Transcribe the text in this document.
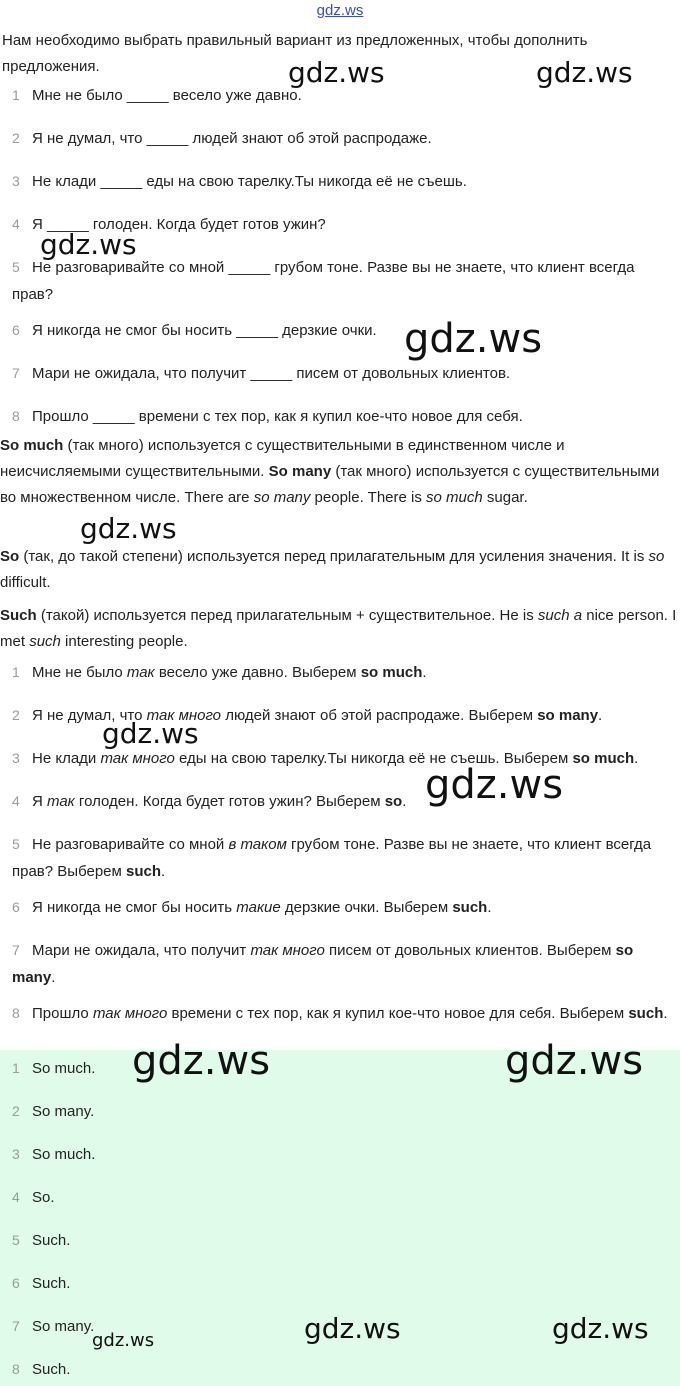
gdz.ws
Нам необходимо выбрать правильный вариант из предложенных, чтобы дополнить предложения.
1 Мне не было _____ весело уже давно.
2 Я не думал, что _____ людей знают об этой распродаже.
3 Не клади _____ еды на свою тарелку.Ты никогда её не съешь.
4 Я _____ голоден. Когда будет готов ужин?
5 Не разговаривайте со мной _____ грубом тоне. Разве вы не знаете, что клиент всегда прав?
6 Я никогда не смог бы носить _____ дерзкие очки.
7 Мари не ожидала, что получит _____ писем от довольных клиентов.
8 Прошло _____ времени с тех пор, как я купил кое-что новое для себя.
So much (так много) используется с существительными в единственном числе и неисчисляемыми существительными. So many (так много) используется с существительными во множественном числе. There are so many people. There is so much sugar.
So (так, до такой степени) используется перед прилагательным для усиления значения. It is so difficult.
Such (такой) используется перед прилагательным + существительное. He is such a nice person. I met such interesting people.
1 Мне не было так весело уже давно. Выберем so much.
2 Я не думал, что так много людей знают об этой распродаже. Выберем so many.
3 Не клади так много еды на свою тарелку.Ты никогда её не съешь. Выберем so much.
4 Я так голоден. Когда будет готов ужин? Выберем so.
5 Не разговаривайте со мной в таком грубом тоне. Разве вы не знаете, что клиент всегда прав? Выберем such.
6 Я никогда не смог бы носить такие дерзкие очки. Выберем such.
7 Мари не ожидала, что получит так много писем от довольных клиентов. Выберем so many.
8 Прошло так много времени с тех пор, как я купил кое-что новое для себя. Выберем such.
1 So much.
2 So many.
3 So much.
4 So.
5 Such.
6 Such.
7 So many.
8 Such.
gdz.ws	gdz.ws
gdz.ws
gdz.ws
gdz.ws
gdz.ws
gdz.ws
gdz.ws	gdz.ws
gdz.ws	gdz.ws	gdz.ws
